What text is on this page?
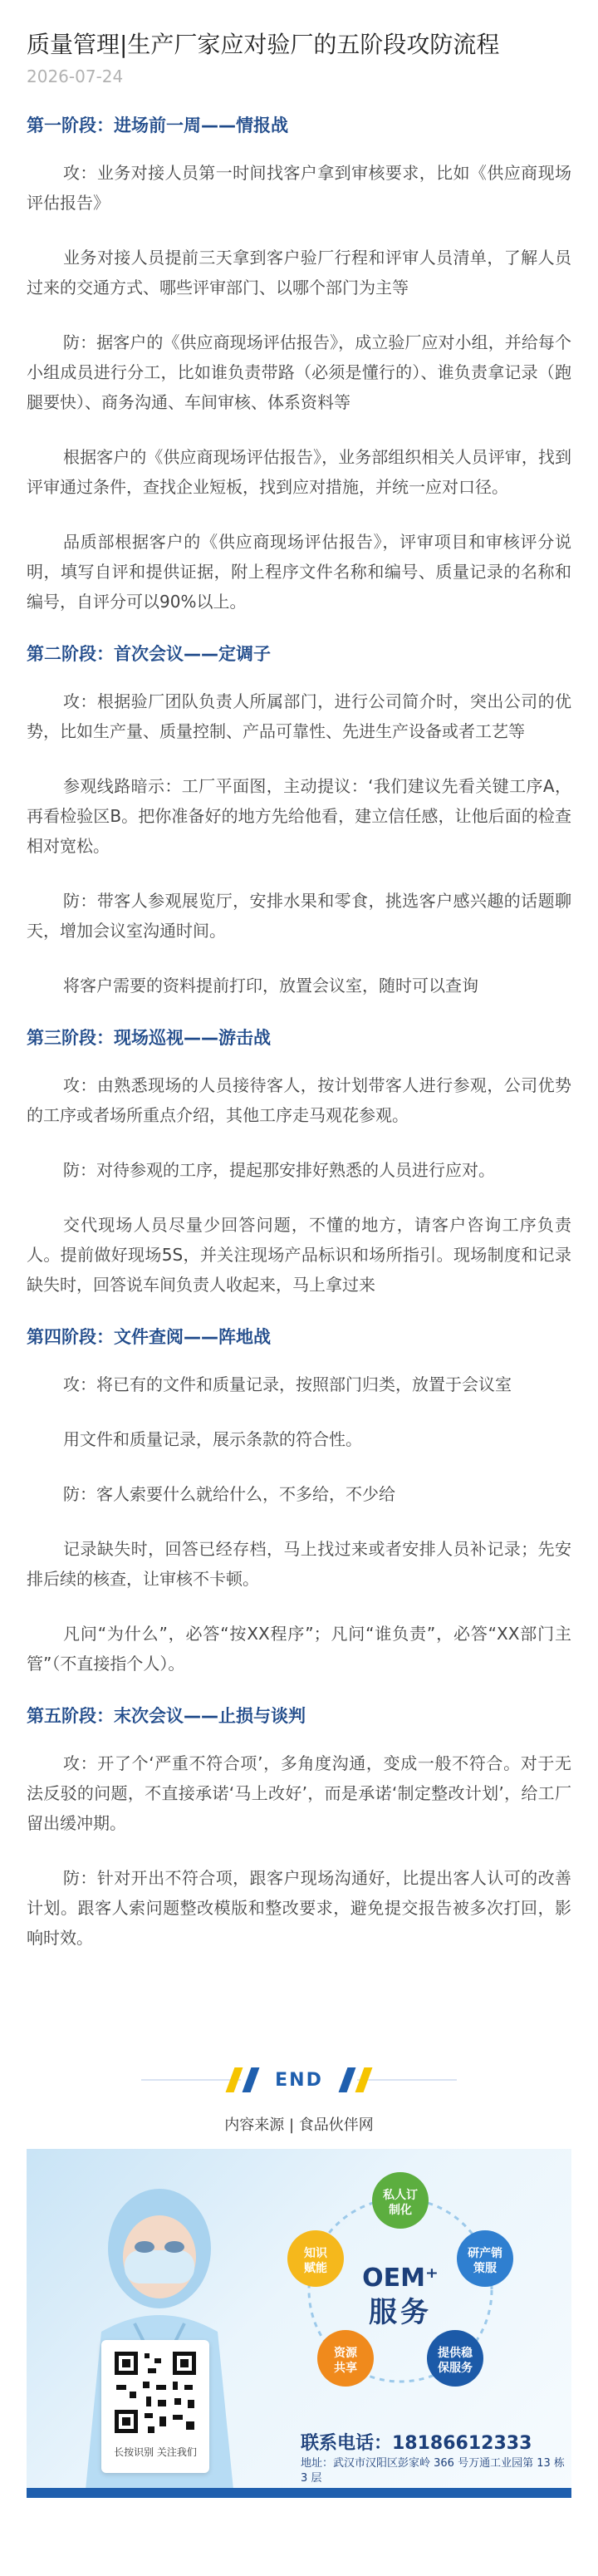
质量管理|生产厂家应对验厂的五阶段攻防流程
2026-07-24
第一阶段：进场前一周——情报战

攻：业务对接人员第一时间找客户拿到审核要求，比如《供应商现场评估报告》

业务对接人员提前三天拿到客户验厂行程和评审人员清单，了解人员过来的交通方式、哪些评审部门、以哪个部门为主等

防：据客户的《供应商现场评估报告》，成立验厂应对小组，并给每个小组成员进行分工，比如谁负责带路（必须是懂行的）、谁负责拿记录（跑腿要快）、商务沟通、车间审核、体系资料等

根据客户的《供应商现场评估报告》，业务部组织相关人员评审，找到评审通过条件，查找企业短板，找到应对措施，并统一应对口径。

品质部根据客户的《供应商现场评估报告》，评审项目和审核评分说明，填写自评和提供证据，附上程序文件名称和编号、质量记录的名称和编号，自评分可以90%以上。

第二阶段：首次会议——定调子

攻：根据验厂团队负责人所属部门，进行公司简介时，突出公司的优势，比如生产量、质量控制、产品可靠性、先进生产设备或者工艺等

参观线路暗示：工厂平面图，主动提议：‘我们建议先看关键工序A，再看检验区B。把你准备好的地方先给他看，建立信任感，让他后面的检查相对宽松。

防：带客人参观展览厅，安排水果和零食，挑选客户感兴趣的话题聊天，增加会议室沟通时间。

将客户需要的资料提前打印，放置会议室，随时可以查询

第三阶段：现场巡视——游击战

攻：由熟悉现场的人员接待客人，按计划带客人进行参观，公司优势的工序或者场所重点介绍，其他工序走马观花参观。

防：对待参观的工序，提起那安排好熟悉的人员进行应对。

交代现场人员尽量少回答问题，不懂的地方，请客户咨询工序负责人。提前做好现场5S，并关注现场产品标识和场所指引。现场制度和记录缺失时，回答说车间负责人收起来，马上拿过来

第四阶段：文件查阅——阵地战

攻：将已有的文件和质量记录，按照部门归类，放置于会议室

用文件和质量记录，展示条款的符合性。

防：客人索要什么就给什么，不多给，不少给

记录缺失时，回答已经存档，马上找过来或者安排人员补记录；先安排后续的核查，让审核不卡顿。

凡问“为什么”，必答“按XX程序”；凡问“谁负责”，必答“XX部门主管”（不直接指个人）。

第五阶段：末次会议——止损与谈判

攻：开了个‘严重不符合项’，多角度沟通，变成一般不符合。对于无法反驳的问题，不直接承诺‘马上改好’，而是承诺‘制定整改计划’，给工厂留出缓冲期。

防：针对开出不符合项，跟客户现场沟通好，比提出客人认可的改善计划。跟客人索问题整改模版和整改要求，避免提交报告被多次打回，影响时效。

END
内容来源 | 食品伙伴网
长按识别 关注我们
私人订
制化
研产销
策服
提供稳
保服务
资源
共享
知识
赋能 OEM⁺
服务
联系电话：18186612333
地址：武汉市汉阳区彭家岭 366 号万通工业园第 13 栋 3 层
